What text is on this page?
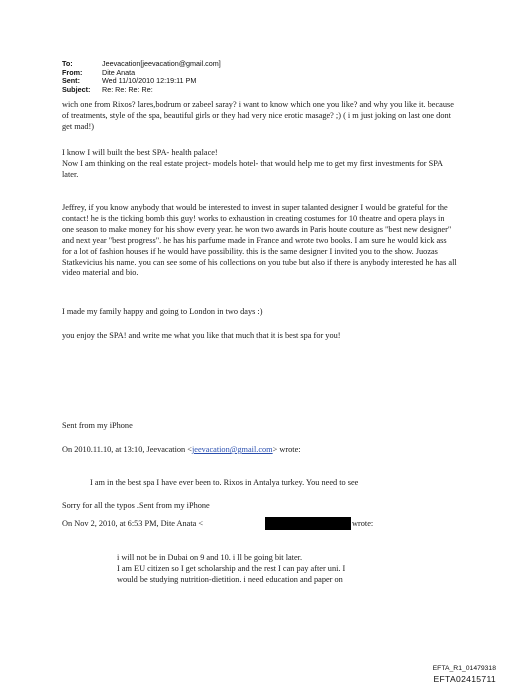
To:	Jeevacation[jeevacation@gmail.com]
From:	Dite Anata
Sent:	Wed 11/10/2010 12:19:11 PM
Subject:	Re: Re: Re: Re:

wich one from Rixos? lares,bodrum or zabeel saray? i want to know which one you like? and why you like it. because of treatments, style of the spa, beautiful girls or they had very nice erotic masage? ;) ( i m just joking on last one dont get mad!)

I know I will built the best SPA- health palace!

Now I am thinking on the real estate project- models hotel- that would help me to get my first investments for SPA later.

Jeffrey, if you know anybody that would be interested to invest in super talanted designer I would be grateful for the contact! he is the ticking bomb this guy! works to exhaustion in creating costumes for 10 theatre and opera plays in one season to make money for his show every year. he won two awards in Paris houte couture as "best new designer" and next year "best progress". he has his parfume made in France and wrote two books. I am sure he would kick ass for a lot of fashion houses if he would have possibility. this is the same designer I invited you to the show. Juozas Statkevicius his name. you can see some of his collections on you tube but also if there is anybody interested he has all video material and bio.

I made my family happy and going to London in two days :)

you enjoy the SPA! and write me what you like that much that it is best spa for you!

Sent from my iPhone

On 2010.11.10, at 13:10, Jeevacation <jeevacation@gmail.com> wrote:

I am in the best spa I have ever been to. Rixos in Antalya turkey. You need to see

Sorry for all the typos .Sent from my iPhone

On Nov 2, 2010, at 6:53 PM, Dite Anata <	wrote:
i will not be in Dubai on 9 and 10. i ll be going bit later.
I am EU citizen so I get scholarship and the rest I can pay after uni. I
would be studying nutrition-dietition. i need education and paper on
EFTA_R1_01479318
EFTA02415711
